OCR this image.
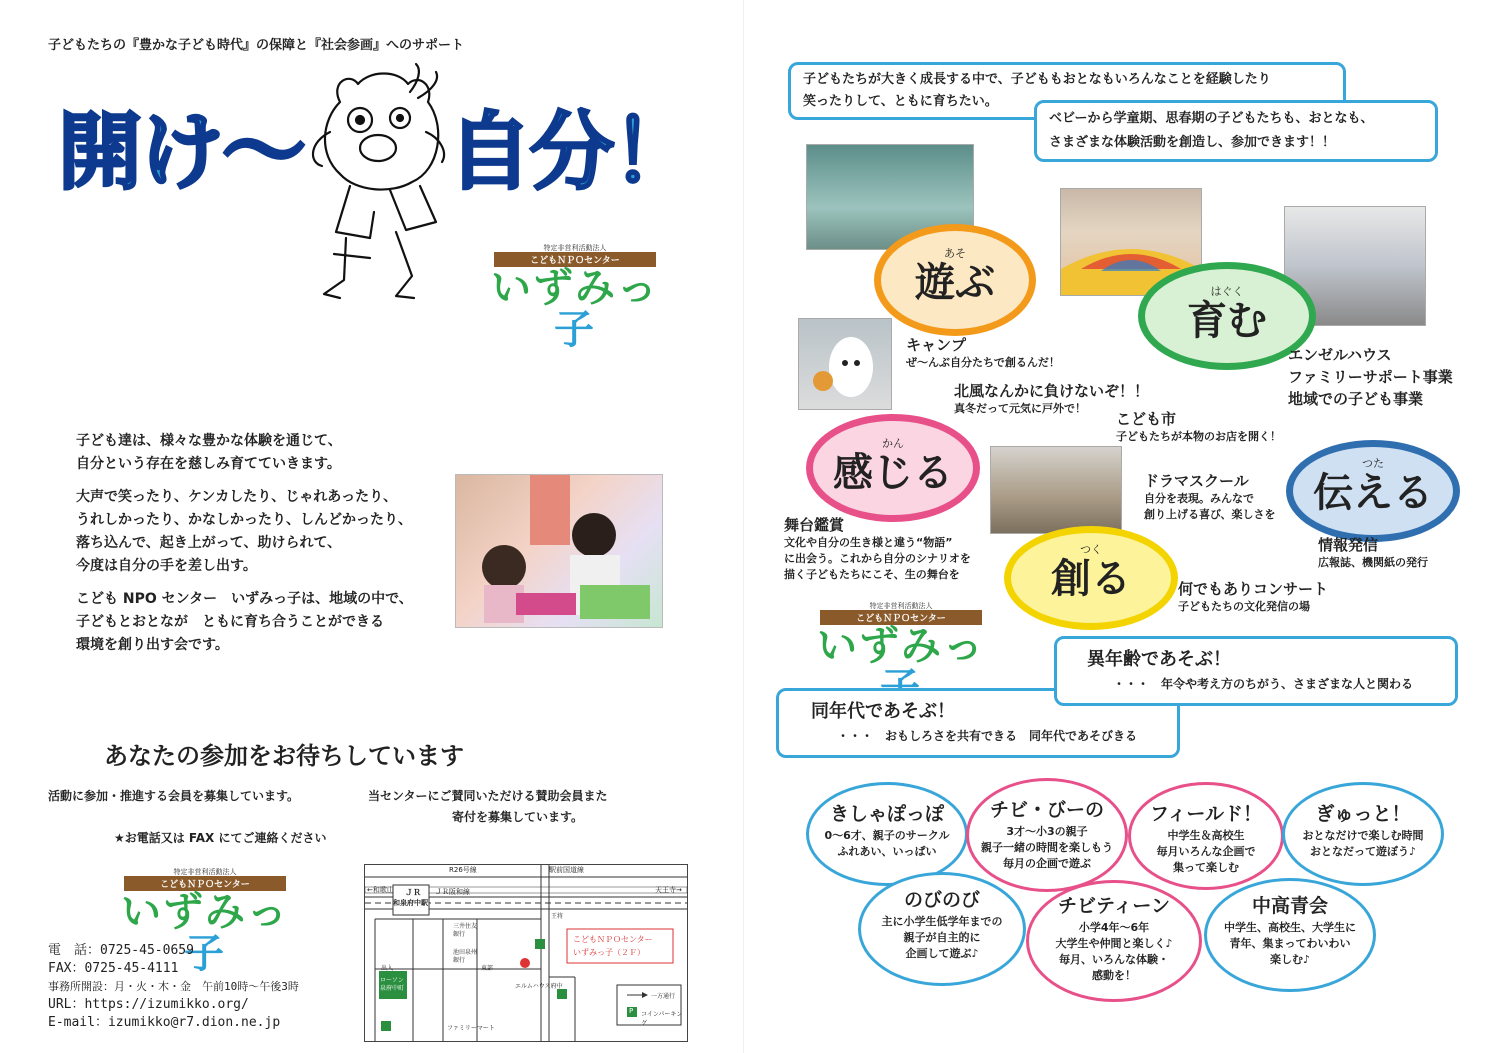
子どもたちの『豊かな子ども時代』の保障と『社会参画』へのサポート
開け〜 自分！
特定非営利活動法人
こどもＮＰＯセンター
いずみっ子

子ども達は、様々な豊かな体験を通じて、
自分という存在を慈しみ育てていきます。

大声で笑ったり、ケンカしたり、じゃれあったり、
うれしかったり、かなしかったり、しんどかったり、
落ち込んで、起き上がって、助けられて、
今度は自分の手を差し出す。

こども NPO センター　いずみっ子は、地域の中で、
子どもとおとなが　ともに育ち合うことができる
環境を創り出す会です。

あなたの参加をお待ちしています
活動に参加・推進する会員を募集しています。	当センターにご賛同いただける賛助会員また
寄付を募集しています。
★お電話又は FAX にてご連絡ください
特定非営利活動法人
こどもＮＰＯセンター
いずみっ子
電　話：0725-45-0659
FAX：0725-45-4111
事務所開設：月・火・木・金　午前10時〜午後3時
URL：https://izumikko.org/
E-mail：izumikko@r7.dion.ne.jp
R26号線	駅前国道線
ＪＲ ＪＲ阪和線
和泉府中駅
天王寺→
←和歌山
三井住友
銀行
池田泉州
銀行
ローソン
泉府中町
出入
ファミリーマート
王将
東部
エルムハウス府中
こどもＮＰＯセンター
いずみっ子（２Ｆ）
一方通行
コインパーキング
P
子どもたちが大きく成長する中で、子どももおとなもいろんなことを経験したり
笑ったりして、ともに育ちたい。
ベビーから学童期、思春期の子どもたちも、おとなも、
さまざまな体験活動を創造し、参加できます！！
あそ
遊ぶ	はぐく
育む
かん
感じる	つた
伝える
つく
創る
キャンプ
ぜ〜んぶ自分たちで創るんだ！
北風なんかに負けないぞ！！
真冬だって元気に戸外で！
エンゼルハウス
ファミリーサポート事業
地域での子ども事業
こども市
子どもたちが本物のお店を開く！
ドラマスクール
自分を表現。みんなで
創り上げる喜び、楽しさを
情報発信
広報誌、機関紙の発行
舞台鑑賞
文化や自分の生き様と違う“物語”
に出会う。これから自分のシナリオを
描く子どもたちにこそ、生の舞台を
何でもありコンサート
子どもたちの文化発信の場
特定非営利活動法人
こどもＮＰＯセンター
いずみっ
同年代であそぶ！
・・・　おもしろさを共有できる　同年代であそびきる
異年齢であそぶ！
・・・　年令や考え方のちがう、さまざまな人と関わる
きしゃぽっぽ
0〜6才、親子のサークル
ふれあい、いっぱい
チビ・びーの
3才〜小3の親子
親子一緒の時間を楽しもう
毎月の企画で遊ぶ
フィールド！
中学生＆高校生
毎月いろんな企画で
集って楽しむ
ぎゅっと！
おとなだけで楽しむ時間
おとなだって遊ぼう♪
のびのび
主に小学生低学年までの
親子が自主的に
企画して遊ぶ♪
チビティーン
小学4年〜6年
大学生や仲間と楽しく♪
毎月、いろんな体験・
感動を！
中高青会
中学生、高校生、大学生に
青年、集まってわいわい
楽しむ♪
